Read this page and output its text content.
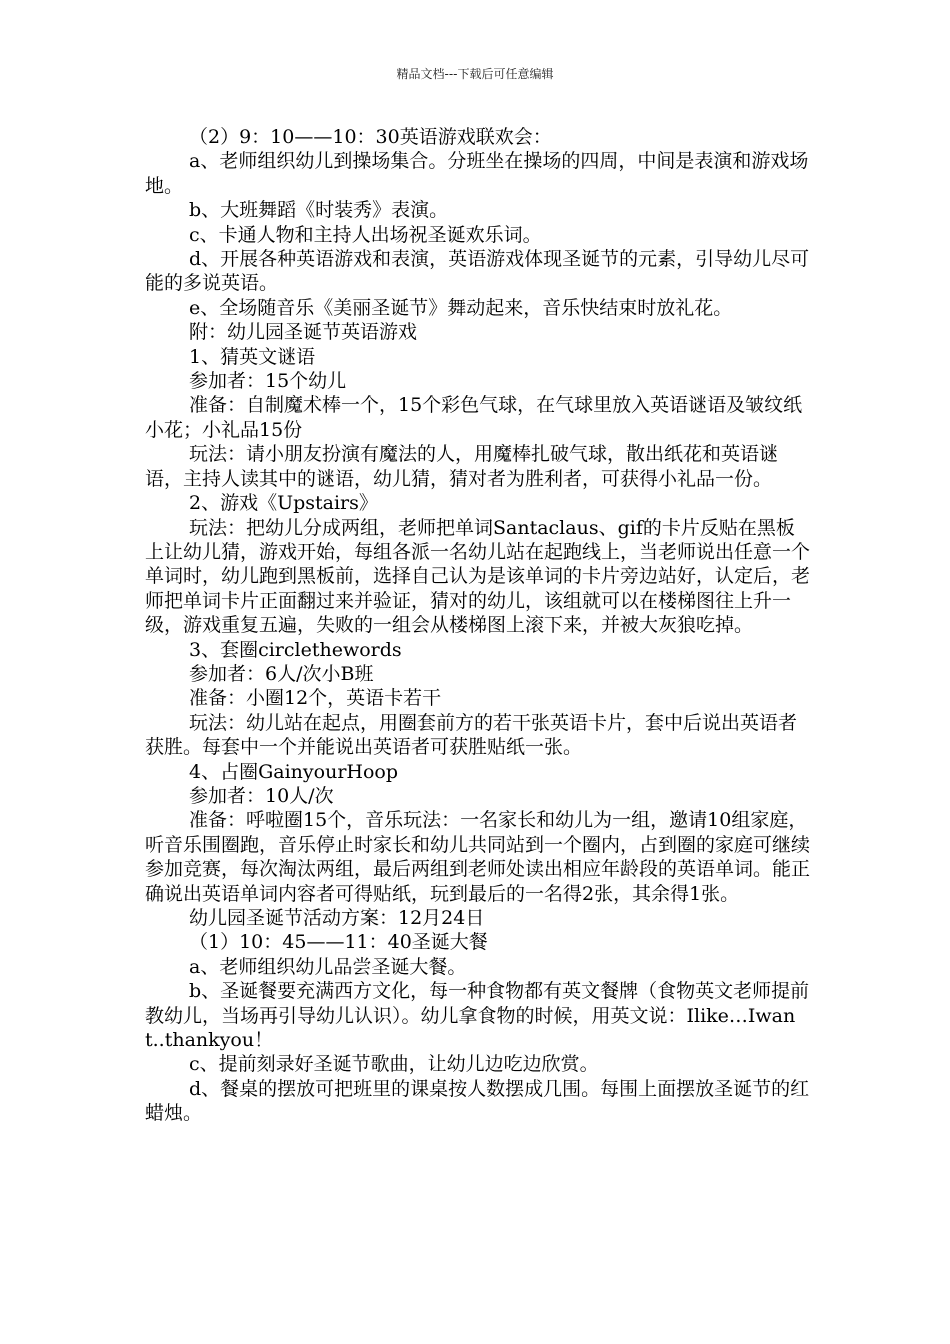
精品文档---下载后可任意编辑

（2）9：10——10：30英语游戏联欢会：

a、老师组织幼儿到操场集合。分班坐在操场的四周，中间是表演和游戏场地。

b、大班舞蹈《时装秀》表演。

c、卡通人物和主持人出场祝圣诞欢乐词。

d、开展各种英语游戏和表演，英语游戏体现圣诞节的元素，引导幼儿尽可能的多说英语。

e、全场随音乐《美丽圣诞节》舞动起来，音乐快结束时放礼花。

附：幼儿园圣诞节英语游戏

1、猜英文谜语

参加者：15个幼儿

准备：自制魔术棒一个，15个彩色气球，在气球里放入英语谜语及皱纹纸小花；小礼品15份

玩法：请小朋友扮演有魔法的人，用魔棒扎破气球，散出纸花和英语谜语，主持人读其中的谜语，幼儿猜，猜对者为胜利者，可获得小礼品一份。

2、游戏《Upstairs》

玩法：把幼儿分成两组，老师把单词Santaclaus、gif的卡片反贴在黑板上让幼儿猜，游戏开始，每组各派一名幼儿站在起跑线上，当老师说出任意一个单词时，幼儿跑到黑板前，选择自己认为是该单词的卡片旁边站好，认定后，老师把单词卡片正面翻过来并验证，猜对的幼儿，该组就可以在楼梯图往上升一级，游戏重复五遍，失败的一组会从楼梯图上滚下来，并被大灰狼吃掉。

3、套圈circlethewords

参加者：6人/次小B班

准备：小圈12个，英语卡若干

玩法：幼儿站在起点，用圈套前方的若干张英语卡片，套中后说出英语者获胜。每套中一个并能说出英语者可获胜贴纸一张。

4、占圈GainyourHoop

参加者：10人/次

准备：呼啦圈15个，音乐玩法：一名家长和幼儿为一组，邀请10组家庭，听音乐围圈跑，音乐停止时家长和幼儿共同站到一个圈内，占到圈的家庭可继续参加竞赛，每次淘汰两组，最后两组到老师处读出相应年龄段的英语单词。能正确说出英语单词内容者可得贴纸，玩到最后的一名得2张，其余得1张。

幼儿园圣诞节活动方案：12月24日

（1）10：45——11：40圣诞大餐

a、老师组织幼儿品尝圣诞大餐。

b、圣诞餐要充满西方文化，每一种食物都有英文餐牌（食物英文老师提前教幼儿，当场再引导幼儿认识）。幼儿拿食物的时候，用英文说：Ilike…Iwant..thankyou！

c、提前刻录好圣诞节歌曲，让幼儿边吃边欣赏。

d、餐桌的摆放可把班里的课桌按人数摆成几围。每围上面摆放圣诞节的红蜡烛。
